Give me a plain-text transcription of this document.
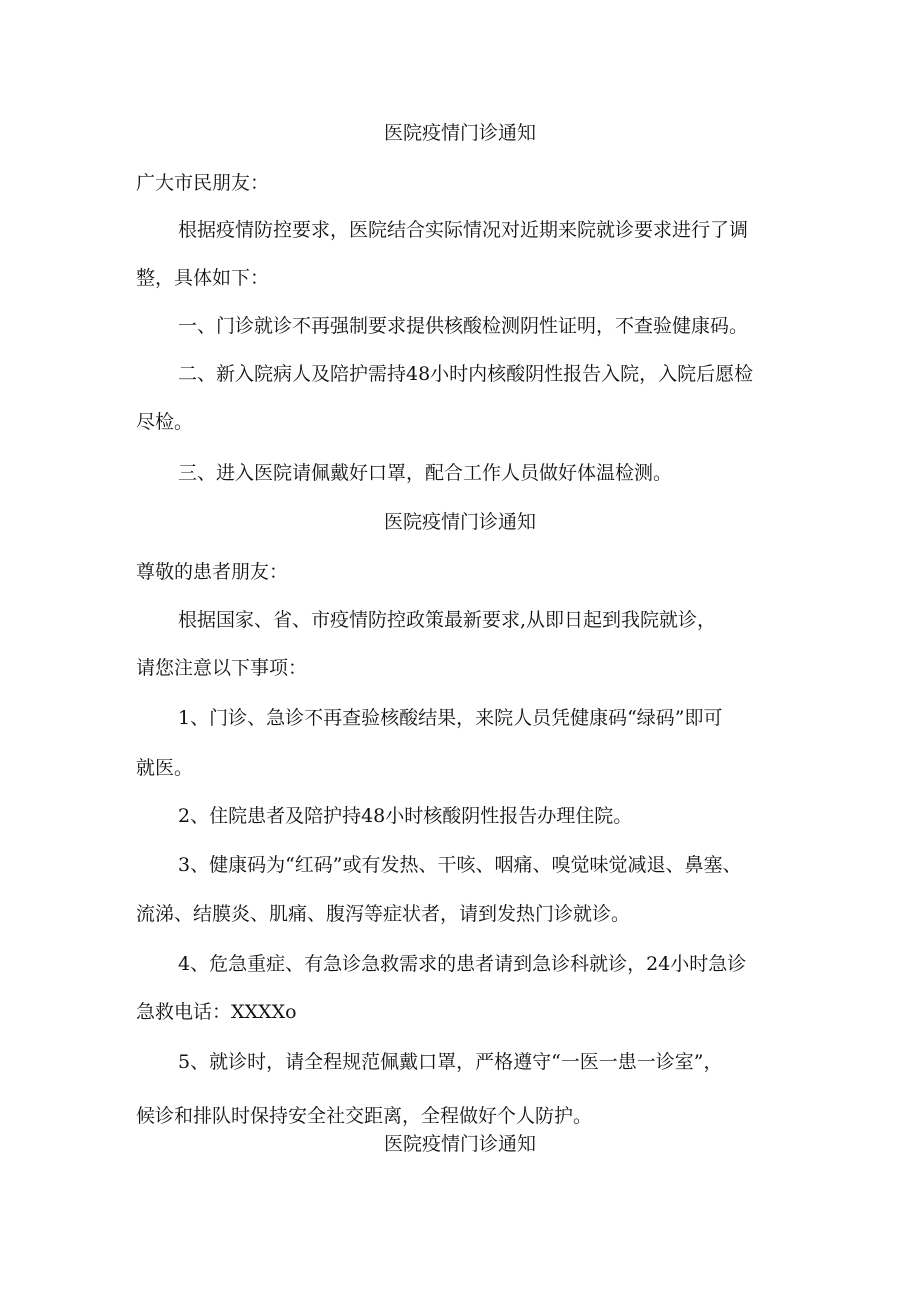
医院疫情门诊通知

广大市民朋友：

根据疫情防控要求，医院结合实际情况对近期来院就诊要求进行了调

整，具体如下：

一、门诊就诊不再强制要求提供核酸检测阴性证明，不查验健康码。

二、新入院病人及陪护需持48小时内核酸阴性报告入院，入院后愿检

尽检。

三、进入医院请佩戴好口罩，配合工作人员做好体温检测。

医院疫情门诊通知

尊敬的患者朋友：

根据国家、省、市疫情防控政策最新要求,从即日起到我院就诊，

请您注意以下事项：

1、门诊、急诊不再查验核酸结果，来院人员凭健康码“绿码”即可

就医。

2、住院患者及陪护持48小时核酸阴性报告办理住院。

3、健康码为“红码”或有发热、干咳、咽痛、嗅觉味觉减退、鼻塞、

流涕、结膜炎、肌痛、腹泻等症状者，请到发热门诊就诊。

4、危急重症、有急诊急救需求的患者请到急诊科就诊，24小时急诊

急救电话：XXXXo

5、就诊时，请全程规范佩戴口罩，严格遵守“一医一患一诊室”，

候诊和排队时保持安全社交距离，全程做好个人防护。

医院疫情门诊通知
